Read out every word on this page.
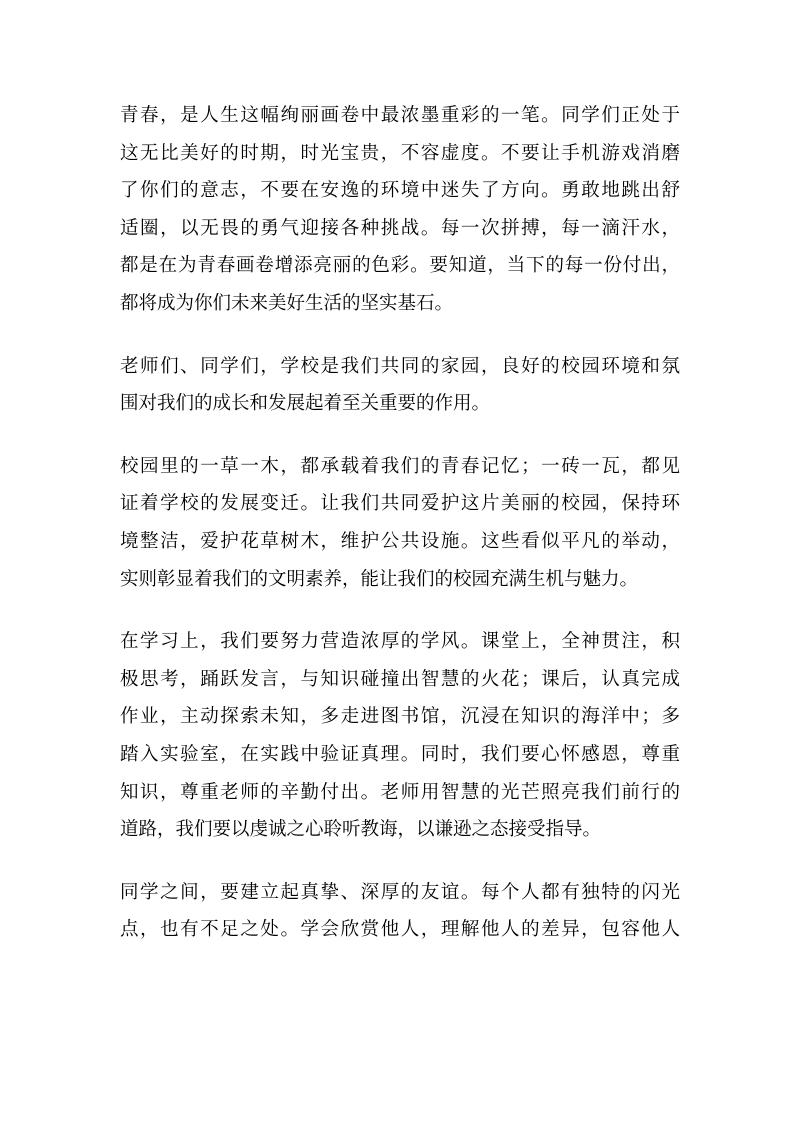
青春，是人生这幅绚丽画卷中最浓墨重彩的一笔。同学们正处于
这无比美好的时期，时光宝贵，不容虚度。不要让手机游戏消磨
了你们的意志，不要在安逸的环境中迷失了方向。勇敢地跳出舒
适圈，以无畏的勇气迎接各种挑战。每一次拼搏，每一滴汗水，
都是在为青春画卷增添亮丽的色彩。要知道，当下的每一份付出，
都将成为你们未来美好生活的坚实基石。
老师们、同学们，学校是我们共同的家园，良好的校园环境和氛
围对我们的成长和发展起着至关重要的作用。
校园里的一草一木，都承载着我们的青春记忆；一砖一瓦，都见
证着学校的发展变迁。让我们共同爱护这片美丽的校园，保持环
境整洁，爱护花草树木，维护公共设施。这些看似平凡的举动，
实则彰显着我们的文明素养，能让我们的校园充满生机与魅力。
在学习上，我们要努力营造浓厚的学风。课堂上，全神贯注，积
极思考，踊跃发言，与知识碰撞出智慧的火花；课后，认真完成
作业，主动探索未知，多走进图书馆，沉浸在知识的海洋中；多
踏入实验室，在实践中验证真理。同时，我们要心怀感恩，尊重
知识，尊重老师的辛勤付出。老师用智慧的光芒照亮我们前行的
道路，我们要以虔诚之心聆听教诲，以谦逊之态接受指导。
同学之间，要建立起真挚、深厚的友谊。每个人都有独特的闪光
点，也有不足之处。学会欣赏他人，理解他人的差异，包容他人
